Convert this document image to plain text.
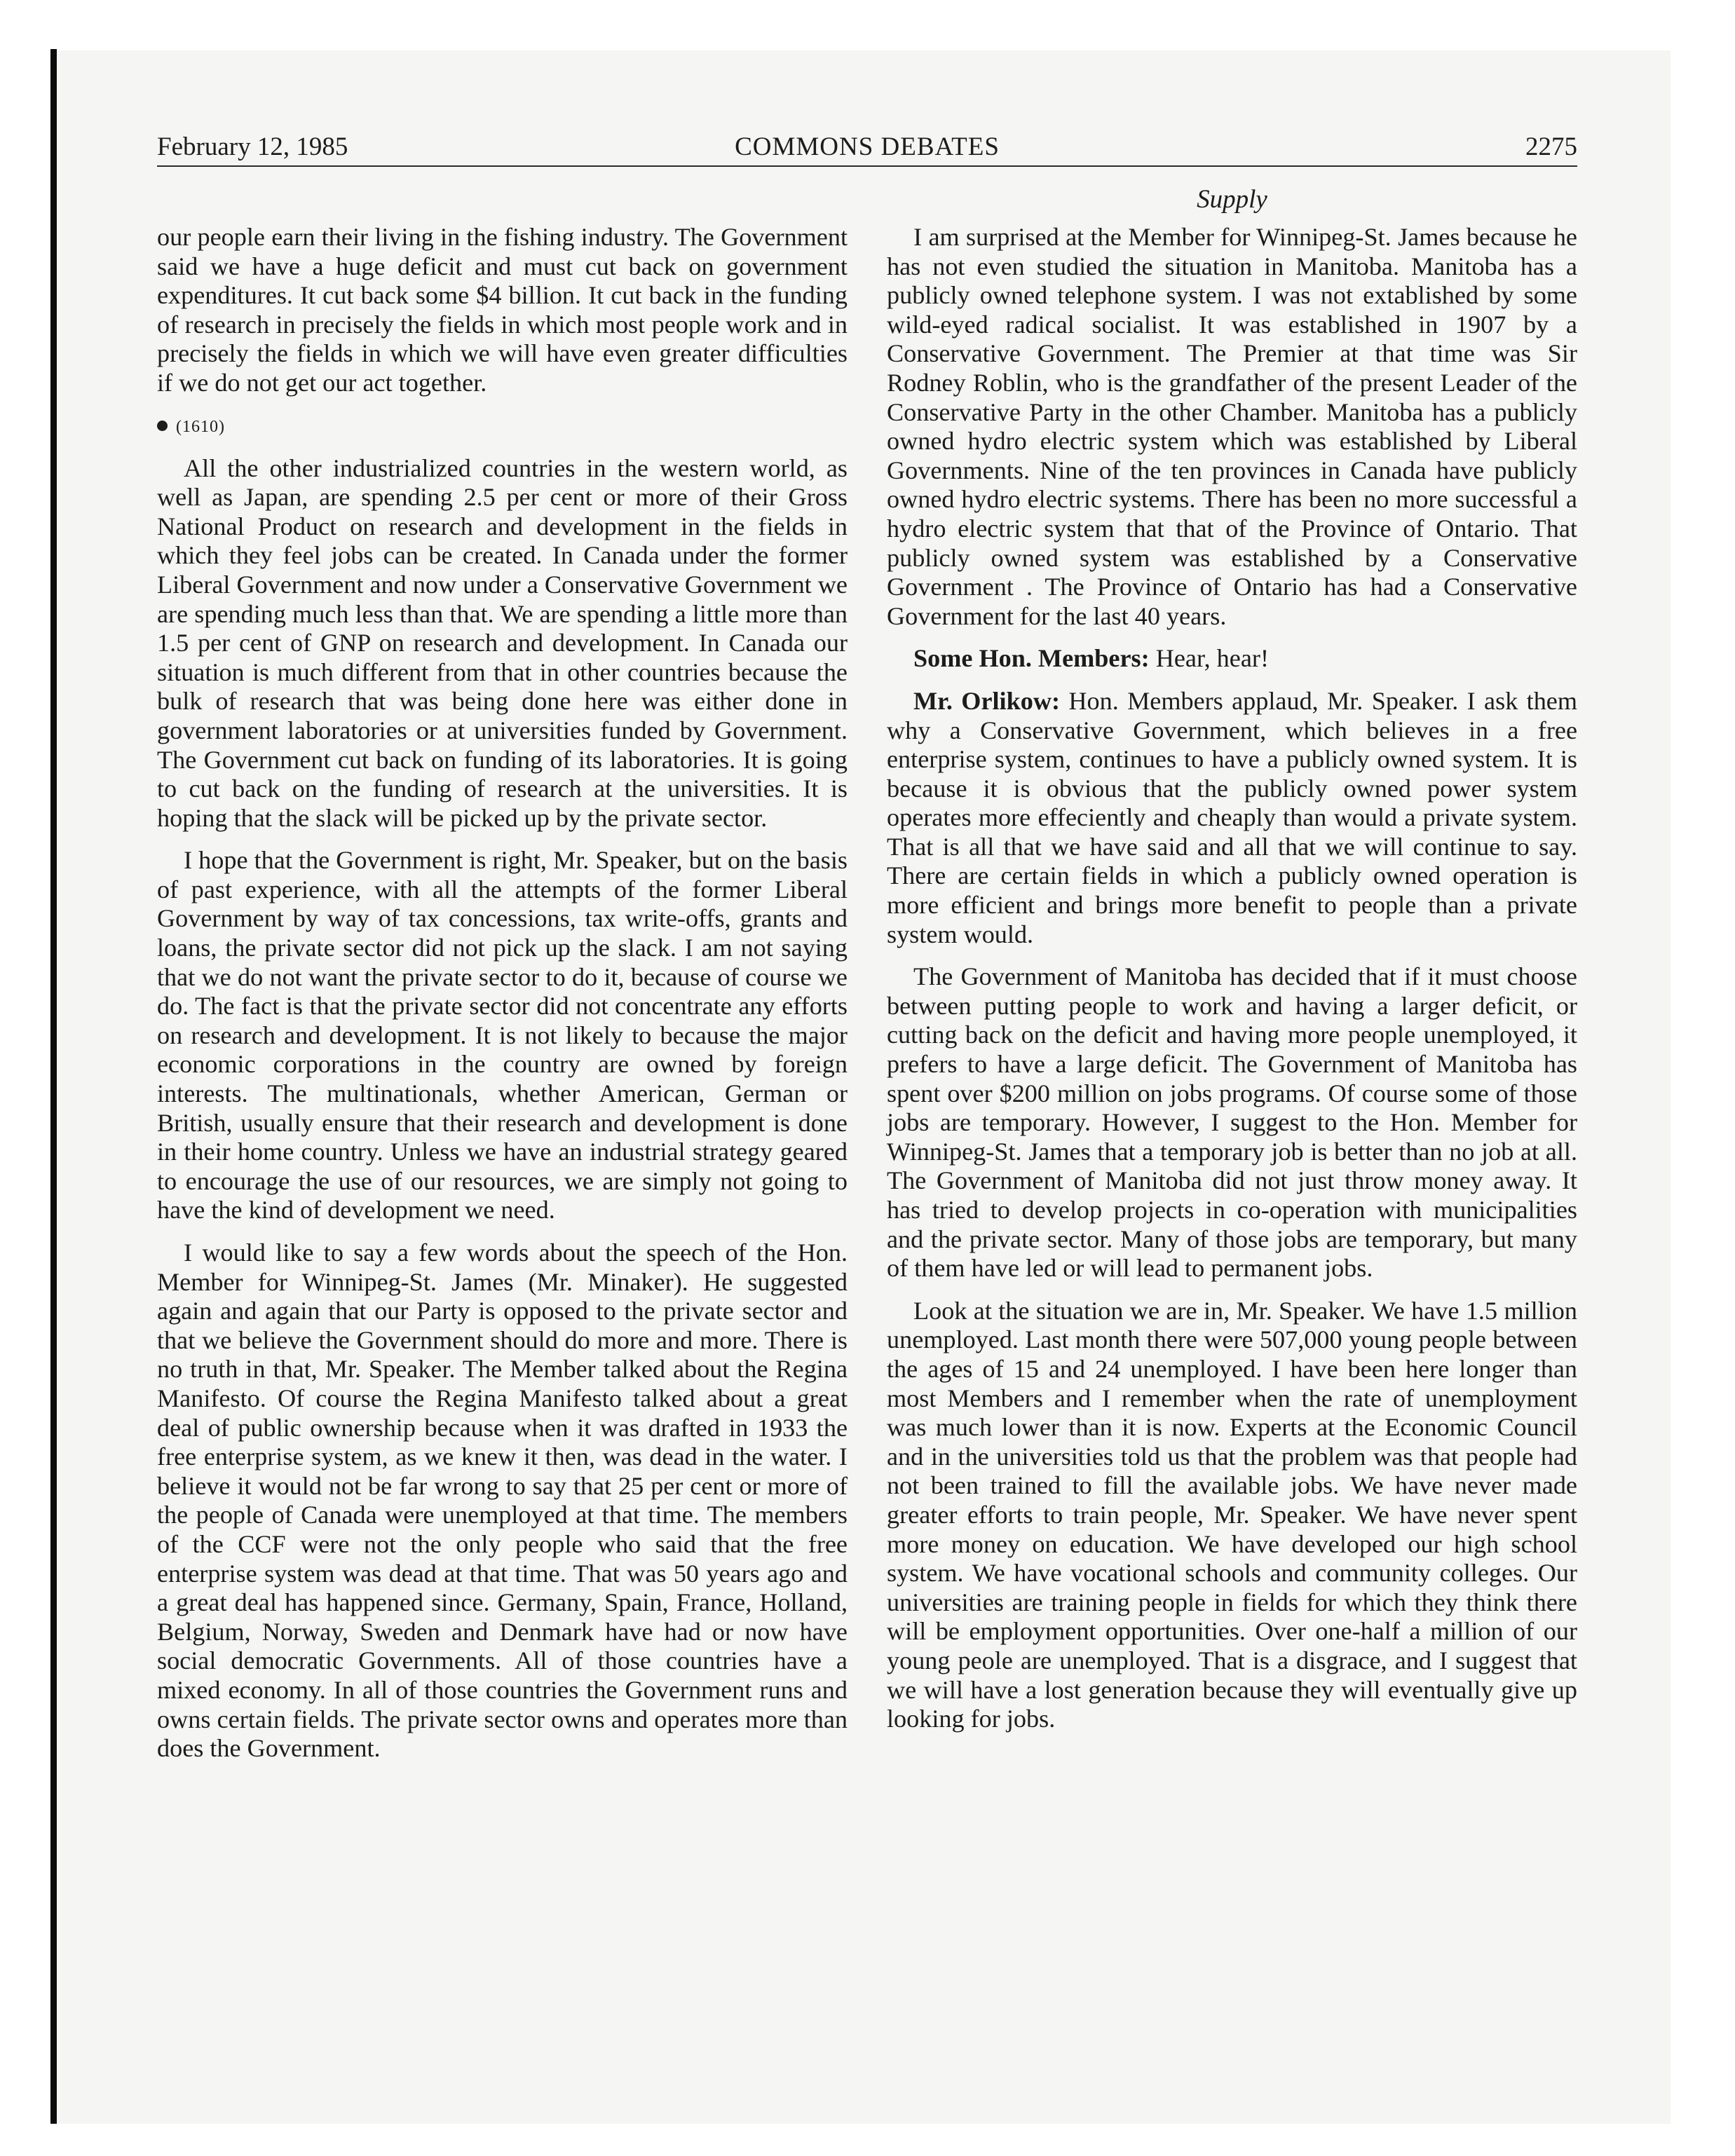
February 12, 1985	COMMONS DEBATES	2275
Supply

our people earn their living in the fishing industry. The Government said we have a huge deficit and must cut back on government expenditures. It cut back some $4 billion. It cut back in the funding of research in precisely the fields in which most people work and in precisely the fields in which we will have even greater difficulties if we do not get our act together.

(1610)

All the other industrialized countries in the western world, as well as Japan, are spending 2.5 per cent or more of their Gross National Product on research and development in the fields in which they feel jobs can be created. In Canada under the former Liberal Government and now under a Conservative Government we are spending much less than that. We are spending a little more than 1.5 per cent of GNP on research and development. In Canada our situation is much different from that in other countries because the bulk of research that was being done here was either done in government laboratories or at universities funded by Government. The Government cut back on funding of its laboratories. It is going to cut back on the funding of research at the universities. It is hoping that the slack will be picked up by the private sector.

I hope that the Government is right, Mr. Speaker, but on the basis of past experience, with all the attempts of the former Liberal Government by way of tax concessions, tax write-offs, grants and loans, the private sector did not pick up the slack. I am not saying that we do not want the private sector to do it, because of course we do. The fact is that the private sector did not concentrate any efforts on research and development. It is not likely to because the major economic corporations in the country are owned by foreign interests. The multinationals, whether American, German or British, usually ensure that their research and development is done in their home country. Unless we have an industrial strategy geared to encourage the use of our resources, we are simply not going to have the kind of development we need.

I would like to say a few words about the speech of the Hon. Member for Winnipeg-St. James (Mr. Minaker). He suggested again and again that our Party is opposed to the private sector and that we believe the Government should do more and more. There is no truth in that, Mr. Speaker. The Member talked about the Regina Manifesto. Of course the Regina Manifesto talked about a great deal of public ownership because when it was drafted in 1933 the free enterprise system, as we knew it then, was dead in the water. I believe it would not be far wrong to say that 25 per cent or more of the people of Canada were unemployed at that time. The members of the CCF were not the only people who said that the free enterprise system was dead at that time. That was 50 years ago and a great deal has happened since. Germany, Spain, France, Holland, Belgium, Norway, Sweden and Denmark have had or now have social democratic Governments. All of those countries have a mixed economy. In all of those countries the Government runs and owns certain fields. The private sector owns and operates more than does the Government.

I am surprised at the Member for Winnipeg-St. James because he has not even studied the situation in Manitoba. Manitoba has a publicly owned telephone system. I was not extablished by some wild-eyed radical socialist. It was established in 1907 by a Conservative Government. The Premier at that time was Sir Rodney Roblin, who is the grandfather of the present Leader of the Conservative Party in the other Chamber. Manitoba has a publicly owned hydro electric system which was established by Liberal Governments. Nine of the ten provinces in Canada have publicly owned hydro electric systems. There has been no more successful a hydro electric system that that of the Province of Ontario. That publicly owned system was established by a Conservative Government . The Province of Ontario has had a Conservative Government for the last 40 years.

Some Hon. Members: Hear, hear!

Mr. Orlikow: Hon. Members applaud, Mr. Speaker. I ask them why a Conservative Government, which believes in a free enterprise system, continues to have a publicly owned system. It is because it is obvious that the publicly owned power system operates more effeciently and cheaply than would a private system. That is all that we have said and all that we will continue to say. There are certain fields in which a publicly owned operation is more efficient and brings more benefit to people than a private system would.

The Government of Manitoba has decided that if it must choose between putting people to work and having a larger deficit, or cutting back on the deficit and having more people unemployed, it prefers to have a large deficit. The Government of Manitoba has spent over $200 million on jobs programs. Of course some of those jobs are temporary. However, I suggest to the Hon. Member for Winnipeg-St. James that a temporary job is better than no job at all. The Government of Manitoba did not just throw money away. It has tried to develop projects in co-operation with municipalities and the private sector. Many of those jobs are temporary, but many of them have led or will lead to permanent jobs.

Look at the situation we are in, Mr. Speaker. We have 1.5 million unemployed. Last month there were 507,000 young people between the ages of 15 and 24 unemployed. I have been here longer than most Members and I remember when the rate of unemployment was much lower than it is now. Experts at the Economic Council and in the universities told us that the problem was that people had not been trained to fill the available jobs. We have never made greater efforts to train people, Mr. Speaker. We have never spent more money on education. We have developed our high school system. We have vocational schools and community colleges. Our universities are training people in fields for which they think there will be employment opportunities. Over one-half a million of our young peole are unemployed. That is a disgrace, and I suggest that we will have a lost generation because they will eventually give up looking for jobs.
